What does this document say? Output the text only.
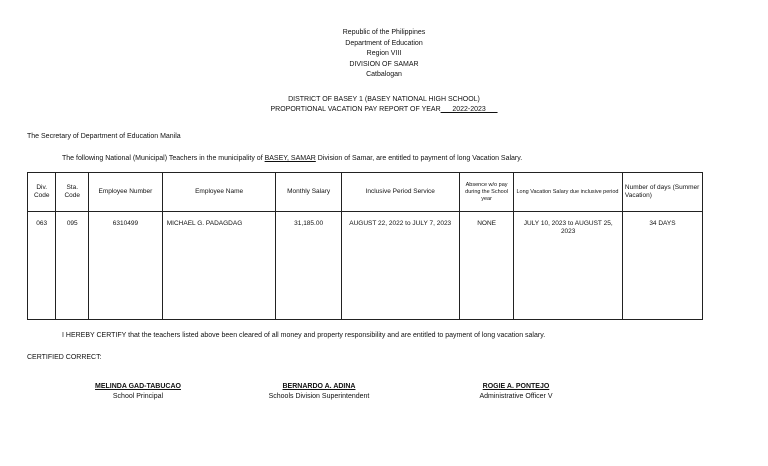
Republic of the Philippines
Department of Education
Region VIII
DIVISION OF SAMAR
Catbalogan
DISTRICT OF BASEY 1 (BASEY NATIONAL HIGH SCHOOL)
PROPORTIONAL VACATION PAY REPORT OF YEAR___2022-2023___
The Secretary of Department of Education Manila
The following National (Municipal) Teachers in the municipality of BASEY, SAMAR Division of Samar, are entitled to payment of long Vacation Salary.
Div. Code	Sta. Code	Employee Number	Employee Name	Monthly Salary	Inclusive Period Service	Absence w/o pay during the School year	Long Vacation Salary due inclusive period	Number of days (Summer Vacation)
063	095	6310499	MICHAEL G. PADAGDAG	31,185.00	AUGUST 22, 2022 to JULY 7, 2023	NONE	JULY 10, 2023 to AUGUST 25, 2023	34 DAYS
I HEREBY CERTIFY that the teachers listed above been cleared of all money and property responsibility and are entitled to payment of long vacation salary.
CERTIFIED CORRECT:
MELINDA GAD-TABUCAO
School Principal
BERNARDO A. ADINA
Schools Division Superintendent
ROGIE A. PONTEJO
Administrative Officer V
